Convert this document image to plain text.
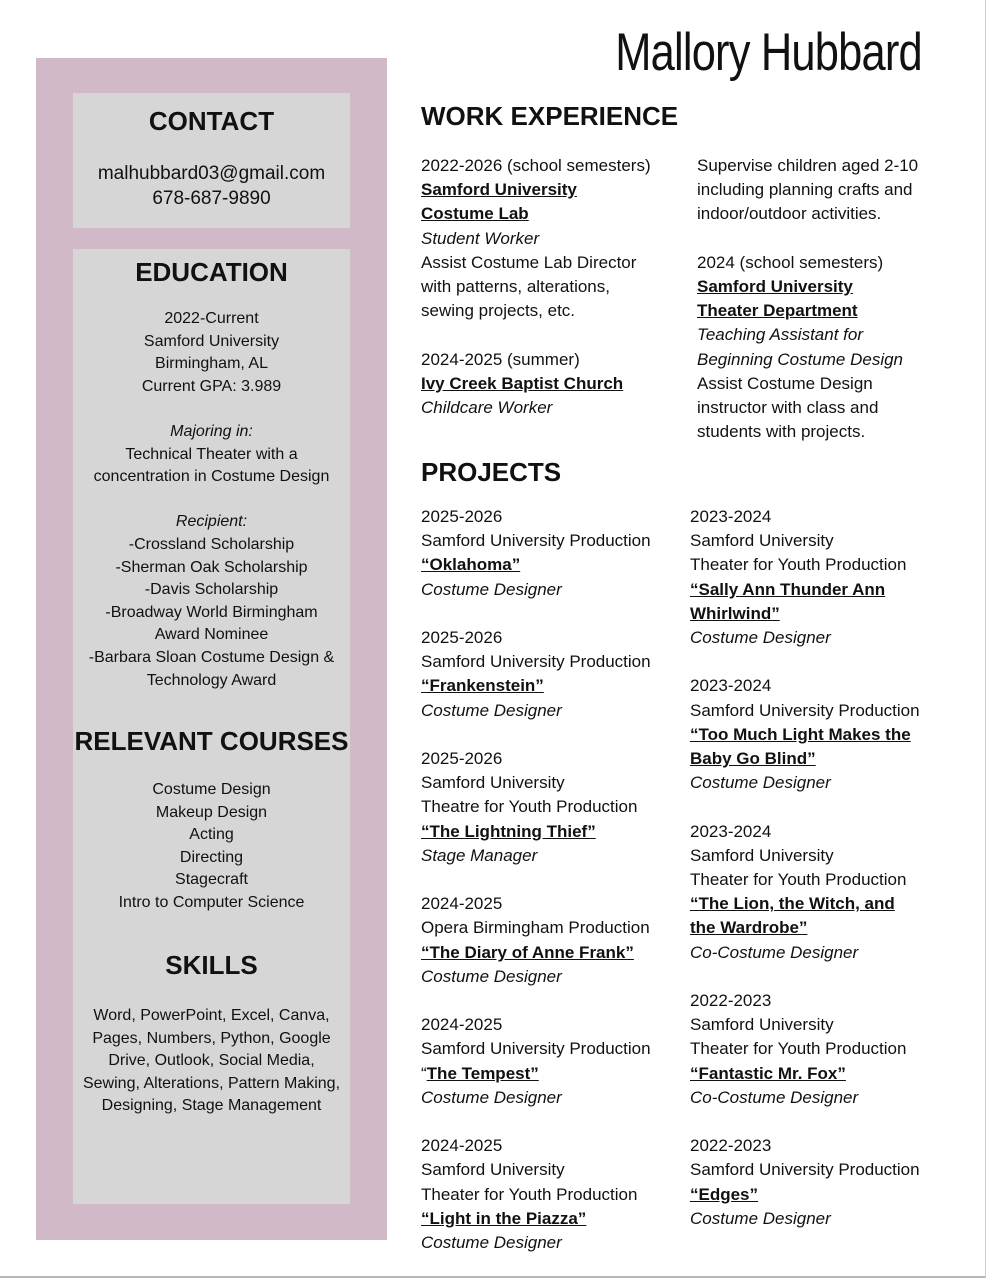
Mallory Hubbard
CONTACT
malhubbard03@gmail.com
678-687-9890
EDUCATION
2022-Current
Samford University
Birmingham, AL
Current GPA: 3.989
Majoring in:
Technical Theater with a
concentration in Costume Design
Recipient:
-Crossland Scholarship
-Sherman Oak Scholarship
-Davis Scholarship
-Broadway World Birmingham
Award Nominee
-Barbara Sloan Costume Design &
Technology Award
RELEVANT COURSES
Costume Design
Makeup Design
Acting
Directing
Stagecraft
Intro to Computer Science
SKILLS
Word, PowerPoint, Excel, Canva,
Pages, Numbers, Python, Google
Drive, Outlook, Social Media,
Sewing, Alterations, Pattern Making,
Designing, Stage Management
WORK EXPERIENCE
2022-2026 (school semesters)
Samford University
Costume Lab
Student Worker
Assist Costume Lab Director
with patterns, alterations,
sewing projects, etc.
2024-2025 (summer)
Ivy Creek Baptist Church
Childcare Worker
Supervise children aged 2-10
including planning crafts and
indoor/outdoor activities.
2024 (school semesters)
Samford University
Theater Department
Teaching Assistant for
Beginning Costume Design
Assist Costume Design
instructor with class and
students with projects.
PROJECTS
2025-2026
Samford University Production
“Oklahoma”
Costume Designer
2025-2026
Samford University Production
“Frankenstein”
Costume Designer
2025-2026
Samford University
Theatre for Youth Production
“The Lightning Thief”
Stage Manager
2024-2025
Opera Birmingham Production
“The Diary of Anne Frank”
Costume Designer
2024-2025
Samford University Production
“The Tempest”
Costume Designer
2024-2025
Samford University
Theater for Youth Production
“Light in the Piazza”
Costume Designer
2023-2024
Samford University
Theater for Youth Production
“Sally Ann Thunder Ann
Whirlwind”
Costume Designer
2023-2024
Samford University Production
“Too Much Light Makes the
Baby Go Blind”
Costume Designer
2023-2024
Samford University
Theater for Youth Production
“The Lion, the Witch, and
the Wardrobe”
Co-Costume Designer
2022-2023
Samford University
Theater for Youth Production
“Fantastic Mr. Fox”
Co-Costume Designer
2022-2023
Samford University Production
“Edges”
Costume Designer
